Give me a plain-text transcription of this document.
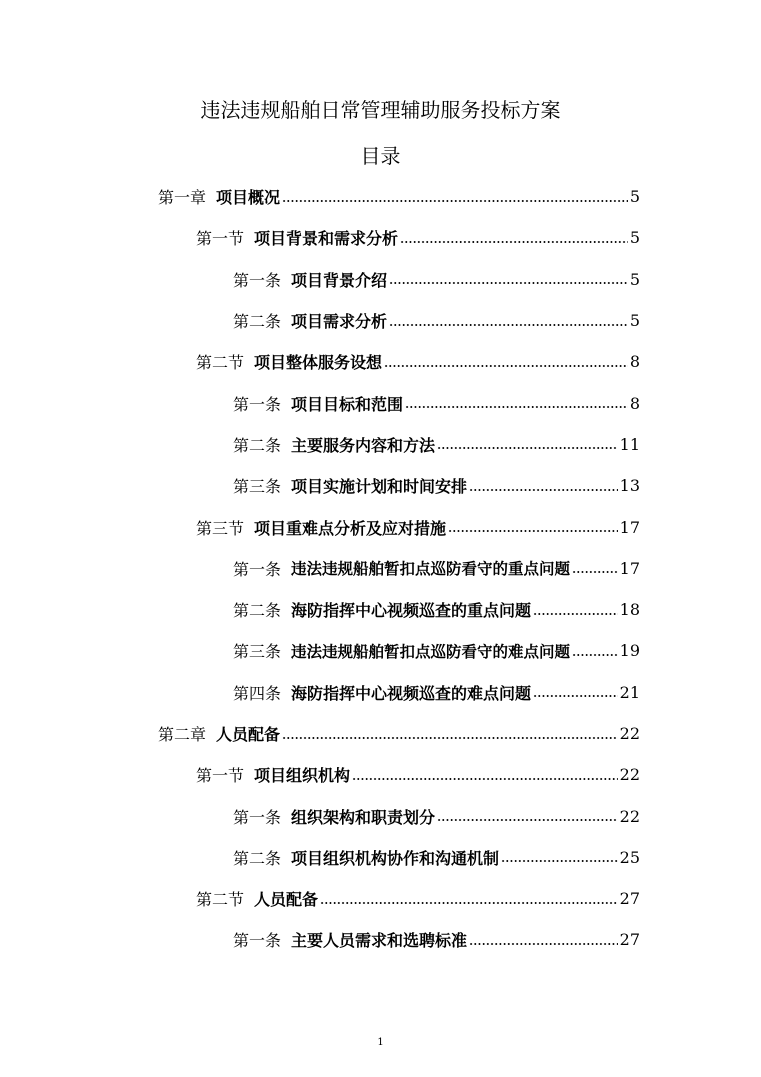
违法违规船舶日常管理辅助服务投标方案
目录
第一章 项目概况	5
第一节 项目背景和需求分析	5
第一条 项目背景介绍	5
第二条 项目需求分析	5
第二节 项目整体服务设想	8
第一条 项目目标和范围	8
第二条 主要服务内容和方法	11
第三条 项目实施计划和时间安排	13
第三节 项目重难点分析及应对措施	17
第一条 违法违规船舶暂扣点巡防看守的重点问题	17
第二条 海防指挥中心视频巡查的重点问题	18
第三条 违法违规船舶暂扣点巡防看守的难点问题	19
第四条 海防指挥中心视频巡查的难点问题	21
第二章 人员配备	22
第一节 项目组织机构	22
第一条 组织架构和职责划分	22
第二条 项目组织机构协作和沟通机制	25
第二节 人员配备	27
第一条 主要人员需求和选聘标准	27
1
